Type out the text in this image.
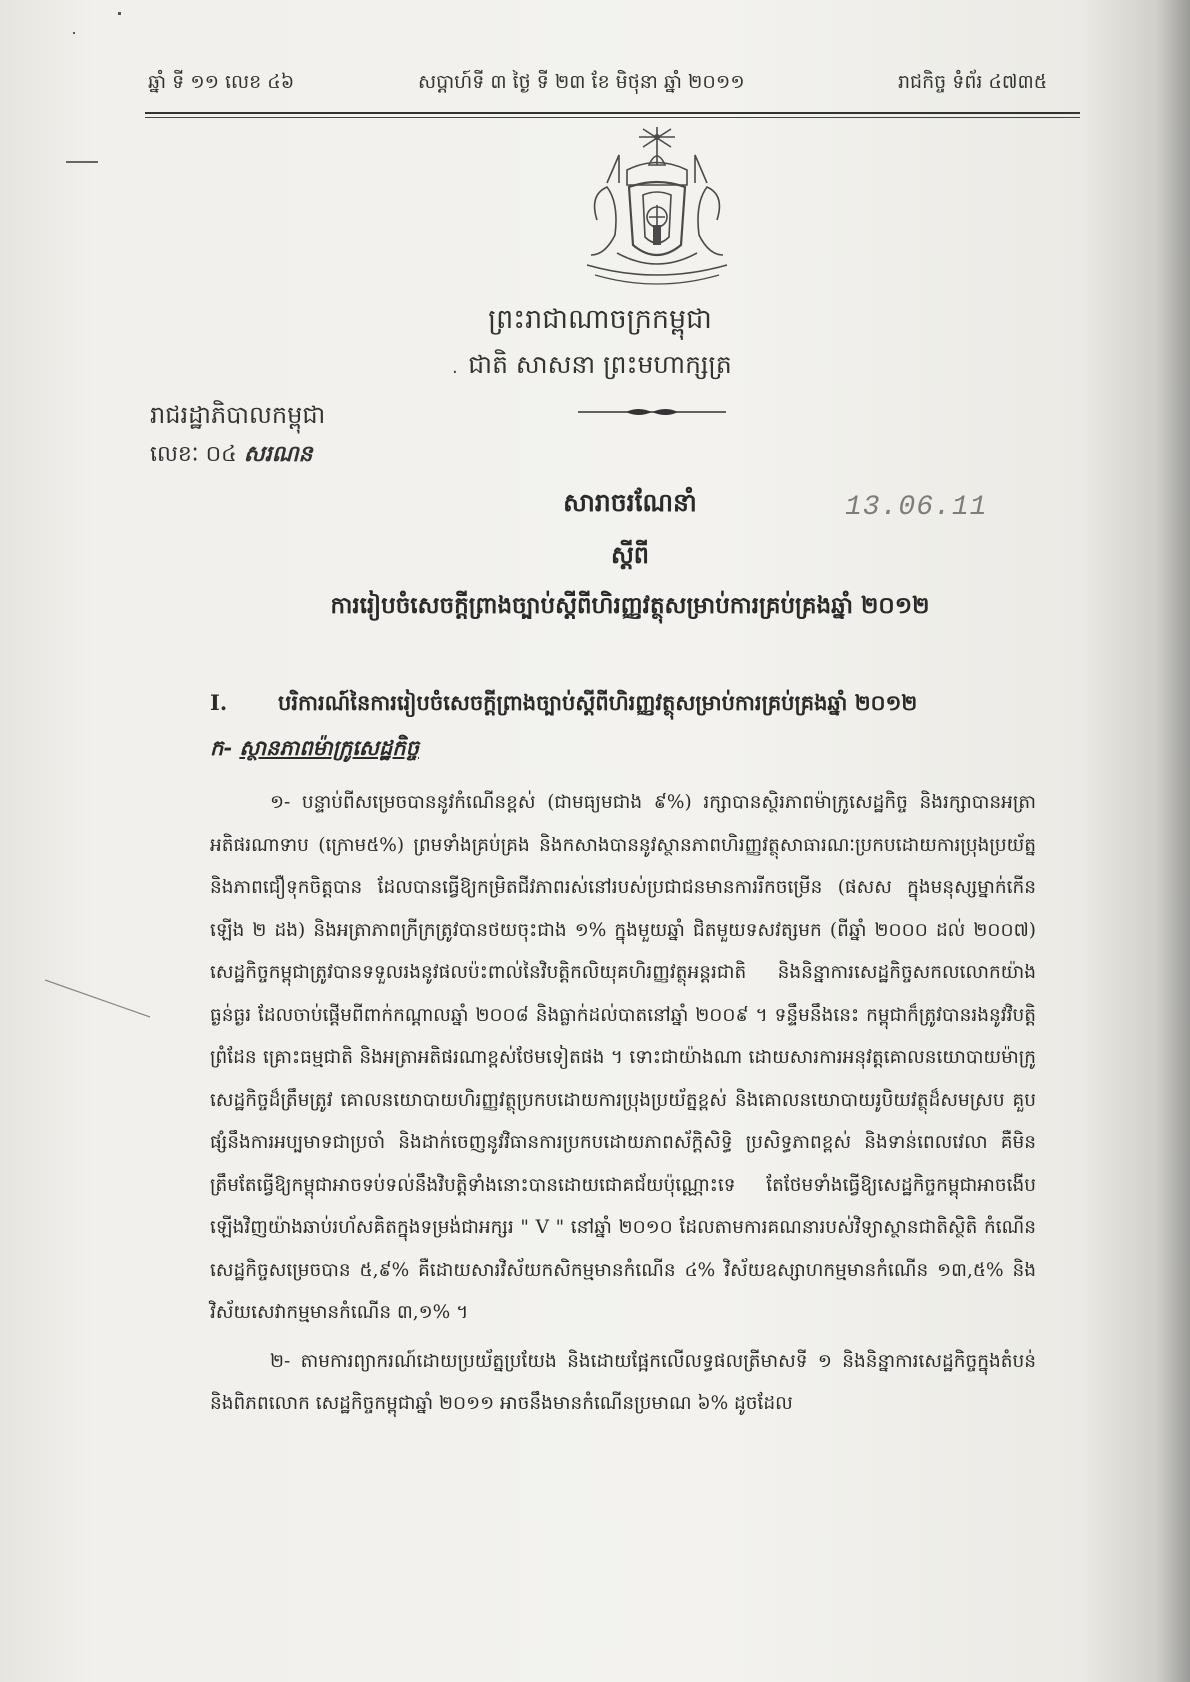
ឆ្នាំ ទី ១១ លេខ ៤៦	សប្តាហ៍ទី ៣ ថ្ងៃ ទី ២៣ ខែ មិថុនា ឆ្នាំ ២០១១	រាជកិច្ច ទំព័រ ៤៧៣៥
ព្រះរាជាណាចក្រកម្ពុជា
ជាតិ សាសនា ព្រះមហាក្សត្រ
·
រាជរដ្ឋាភិបាលកម្ពុជា
លេខៈ ០៤ សរណន
សារាចរណែនាំ	13.06.11
ស្តីពី
ការរៀបចំសេចក្តីព្រាងច្បាប់ស្តីពីហិរញ្ញវត្ថុសម្រាប់ការគ្រប់គ្រងឆ្នាំ ២០១២
I. បរិការណ៍នៃការរៀបចំសេចក្តីព្រាងច្បាប់ស្តីពីហិរញ្ញវត្ថុសម្រាប់ការគ្រប់គ្រងឆ្នាំ ២០១២
ក- ស្ថានភាពម៉ាក្រូសេដ្ឋកិច្ច

១- បន្ទាប់ពីសម្រេចបាននូវកំណើនខ្ពស់ (ជាមធ្យមជាង ៩%) រក្សាបានស្ថិរភាពម៉ាក្រូសេដ្ឋកិច្ច និងរក្សាបានអត្រាអតិផរណាទាប (ក្រោម៥%) ព្រមទាំងគ្រប់គ្រង និងកសាងបាននូវស្ថានភាពហិរញ្ញវត្ថុសាធារណៈប្រកបដោយការប្រុងប្រយ័ត្ន និងភាពជឿទុកចិត្តបាន ដែលបានធ្វើឱ្យកម្រិតជីវភាពរស់នៅរបស់ប្រជាជនមានការរីកចម្រើន (ផសស ក្នុងមនុស្សម្នាក់កើនឡើង ២ ដង) និងអត្រាភាពក្រីក្រត្រូវបានថយចុះជាង ១% ក្នុងមួយឆ្នាំ ជិតមួយទសវត្សមក (ពីឆ្នាំ ២០០០ ដល់ ២០០៧) សេដ្ឋកិច្ចកម្ពុជាត្រូវបានទទួលរងនូវផលប៉ះពាល់នៃវិបត្តិកលិយុគហិរញ្ញវត្ថុអន្តរជាតិ និងនិន្នាការសេដ្ឋកិច្ចសកលលោកយ៉ាងធ្ងន់ធ្ងរ ដែលចាប់ផ្តើមពីពាក់កណ្តាលឆ្នាំ ២០០៨ និងធ្លាក់ដល់បាតនៅឆ្នាំ ២០០៩ ។ ទន្ទឹមនឹងនេះ កម្ពុជាក៏ត្រូវបានរងនូវវិបត្តិព្រំដែន គ្រោះធម្មជាតិ និងអត្រាអតិផរណាខ្ពស់ថែមទៀតផង ។ ទោះជាយ៉ាងណា ដោយសារការអនុវត្តគោលនយោបាយម៉ាក្រូសេដ្ឋកិច្ចដ៏ត្រឹមត្រូវ គោលនយោបាយហិរញ្ញវត្ថុប្រកបដោយការប្រុងប្រយ័ត្នខ្ពស់ និងគោលនយោបាយរូបិយវត្ថុដ៏សមស្រប គួបផ្សំនឹងការអប្បមាទជាប្រចាំ និងដាក់ចេញនូវវិធានការប្រកបដោយភាពស័ក្តិសិទ្ធិ ប្រសិទ្ធភាពខ្ពស់ និងទាន់ពេលវេលា គឺមិនត្រឹមតែធ្វើឱ្យកម្ពុជាអាចទប់ទល់នឹងវិបត្តិទាំងនោះបានដោយជោគជ័យប៉ុណ្ណោះទេ តែថែមទាំងធ្វើឱ្យសេដ្ឋកិច្ចកម្ពុជាអាចងើបឡើងវិញយ៉ាងឆាប់រហ័សគិតក្នុងទម្រង់ជាអក្សរ " V " នៅឆ្នាំ ២០១០ ដែលតាមការគណនារបស់វិទ្យាស្ថានជាតិស្ថិតិ កំណើនសេដ្ឋកិច្ចសម្រេចបាន ៥,៩% គឺដោយសារវិស័យកសិកម្មមានកំណើន ៤% វិស័យឧស្សាហកម្មមានកំណើន ១៣,៥% និង វិស័យសេវាកម្មមានកំណើន ៣,១% ។

២- តាមការព្យាករណ៍ដោយប្រយ័ត្នប្រយែង និងដោយផ្អែកលើលទ្ធផលត្រីមាសទី ១ និងនិន្នាការសេដ្ឋកិច្ចក្នុងតំបន់ និងពិភពលោក សេដ្ឋកិច្ចកម្ពុជាឆ្នាំ ២០១១ អាចនឹងមានកំណើនប្រមាណ ៦% ដូចដែល
